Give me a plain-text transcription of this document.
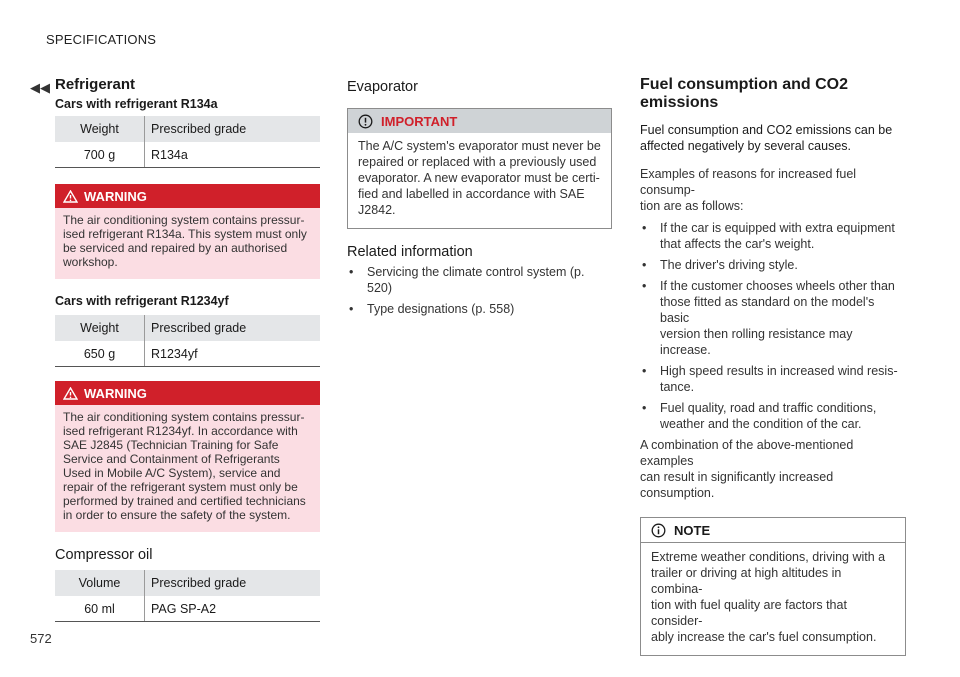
SPECIFICATIONS
◀◀
572
Refrigerant
Cars with refrigerant R134a
Weight	Prescribed grade
700 g	R134a
WARNING
The air conditioning system contains pressur-
ised refrigerant R134a. This system must only
be serviced and repaired by an authorised
workshop.
Cars with refrigerant R1234yf
Weight	Prescribed grade
650 g	R1234yf
WARNING
The air conditioning system contains pressur-
ised refrigerant R1234yf. In accordance with
SAE J2845 (Technician Training for Safe
Service and Containment of Refrigerants
Used in Mobile A/C System), service and
repair of the refrigerant system must only be
performed by trained and certified technicians
in order to ensure the safety of the system.
Compressor oil
Volume	Prescribed grade
60 ml	PAG SP-A2
Evaporator
IMPORTANT
The A/C system's evaporator must never be
repaired or replaced with a previously used
evaporator. A new evaporator must be certi-
fied and labelled in accordance with SAE
J2842.
Related information
• Servicing the climate control system (p. 520)
• Type designations (p. 558)
Fuel consumption and CO2
emissions
Fuel consumption and CO2 emissions can be
affected negatively by several causes.
Examples of reasons for increased fuel consump-
tion are as follows:
• If the car is equipped with extra equipment
that affects the car's weight.
• The driver's driving style.
• If the customer chooses wheels other than
those fitted as standard on the model's basic
version then rolling resistance may increase.
• High speed results in increased wind resis-
tance.
• Fuel quality, road and traffic conditions,
weather and the condition of the car.
A combination of the above-mentioned examples
can result in significantly increased consumption.
NOTE
Extreme weather conditions, driving with a
trailer or driving at high altitudes in combina-
tion with fuel quality are factors that consider-
ably increase the car's fuel consumption.
